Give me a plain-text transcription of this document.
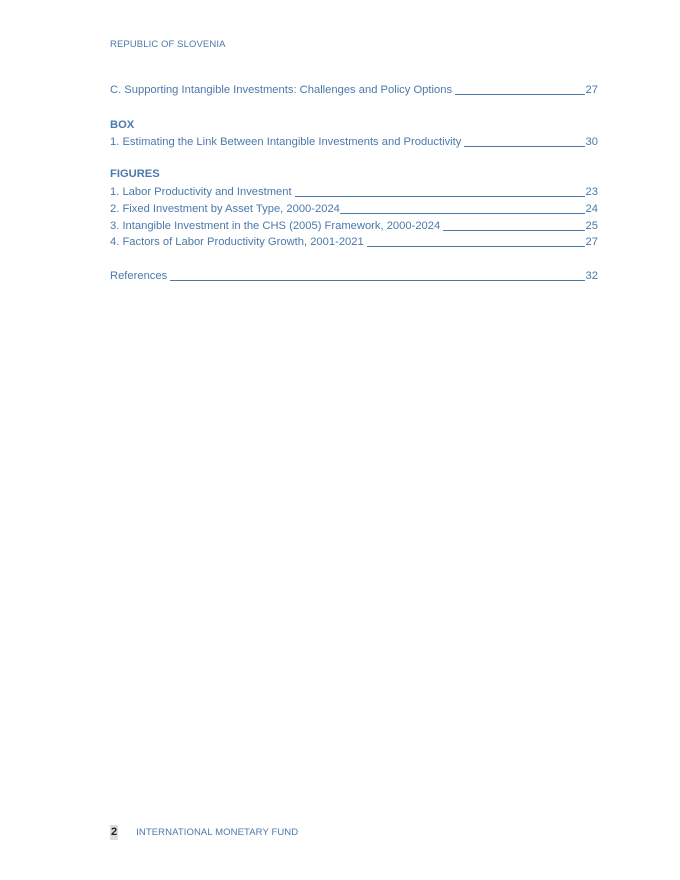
REPUBLIC OF SLOVENIA
C. Supporting Intangible Investments: Challenges and Policy Options	27
BOX
1. Estimating the Link Between Intangible Investments and Productivity	30
FIGURES
1. Labor Productivity and Investment	23
2. Fixed Investment by Asset Type, 2000-2024	24
3. Intangible Investment in the CHS (2005) Framework, 2000-2024	25
4. Factors of Labor Productivity Growth, 2001-2021	27
References	32
2 INTERNATIONAL MONETARY FUND
